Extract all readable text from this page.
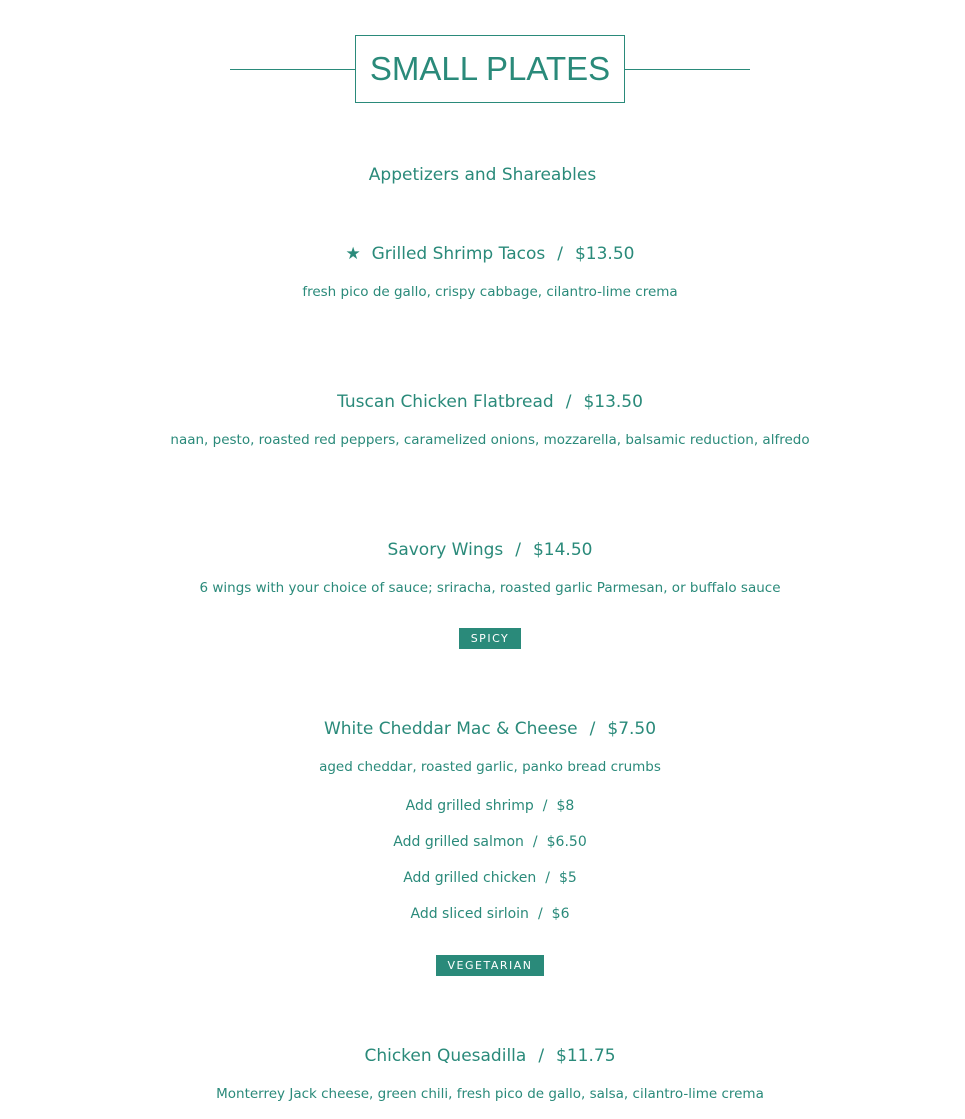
SMALL PLATES
Appetizers and Shareables
★ Grilled Shrimp Tacos / $13.50
fresh pico de gallo, crispy cabbage, cilantro-lime crema
Tuscan Chicken Flatbread / $13.50
naan, pesto, roasted red peppers, caramelized onions, mozzarella, balsamic reduction, alfredo
Savory Wings / $14.50
6 wings with your choice of sauce; sriracha, roasted garlic Parmesan, or buffalo sauce
SPICY
White Cheddar Mac & Cheese / $7.50
aged cheddar, roasted garlic, panko bread crumbs
Add grilled shrimp / $8
Add grilled salmon / $6.50
Add grilled chicken / $5
Add sliced sirloin / $6
VEGETARIAN
Chicken Quesadilla / $11.75
Monterrey Jack cheese, green chili, fresh pico de gallo, salsa, cilantro-lime crema
